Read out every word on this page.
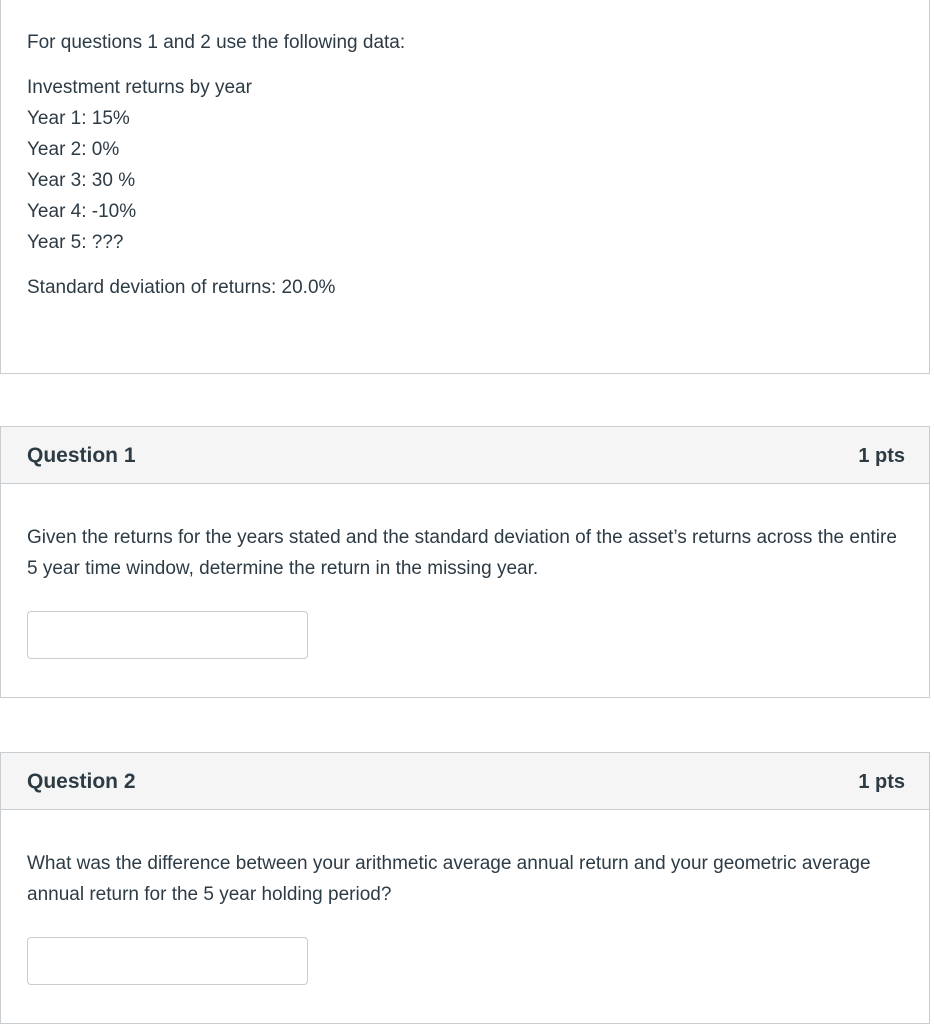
For questions 1 and 2 use the following data:
Investment returns by year
Year 1: 15%
Year 2: 0%
Year 3: 30 %
Year 4: -10%
Year 5: ???
Standard deviation of returns: 20.0%
Question 1	1 pts

Given the returns for the years stated and the standard deviation of the asset’s returns across the entire 5 year time window, determine the return in the missing year.

Question 2	1 pts

What was the difference between your arithmetic average annual return and your geometric average annual return for the 5 year holding period?
